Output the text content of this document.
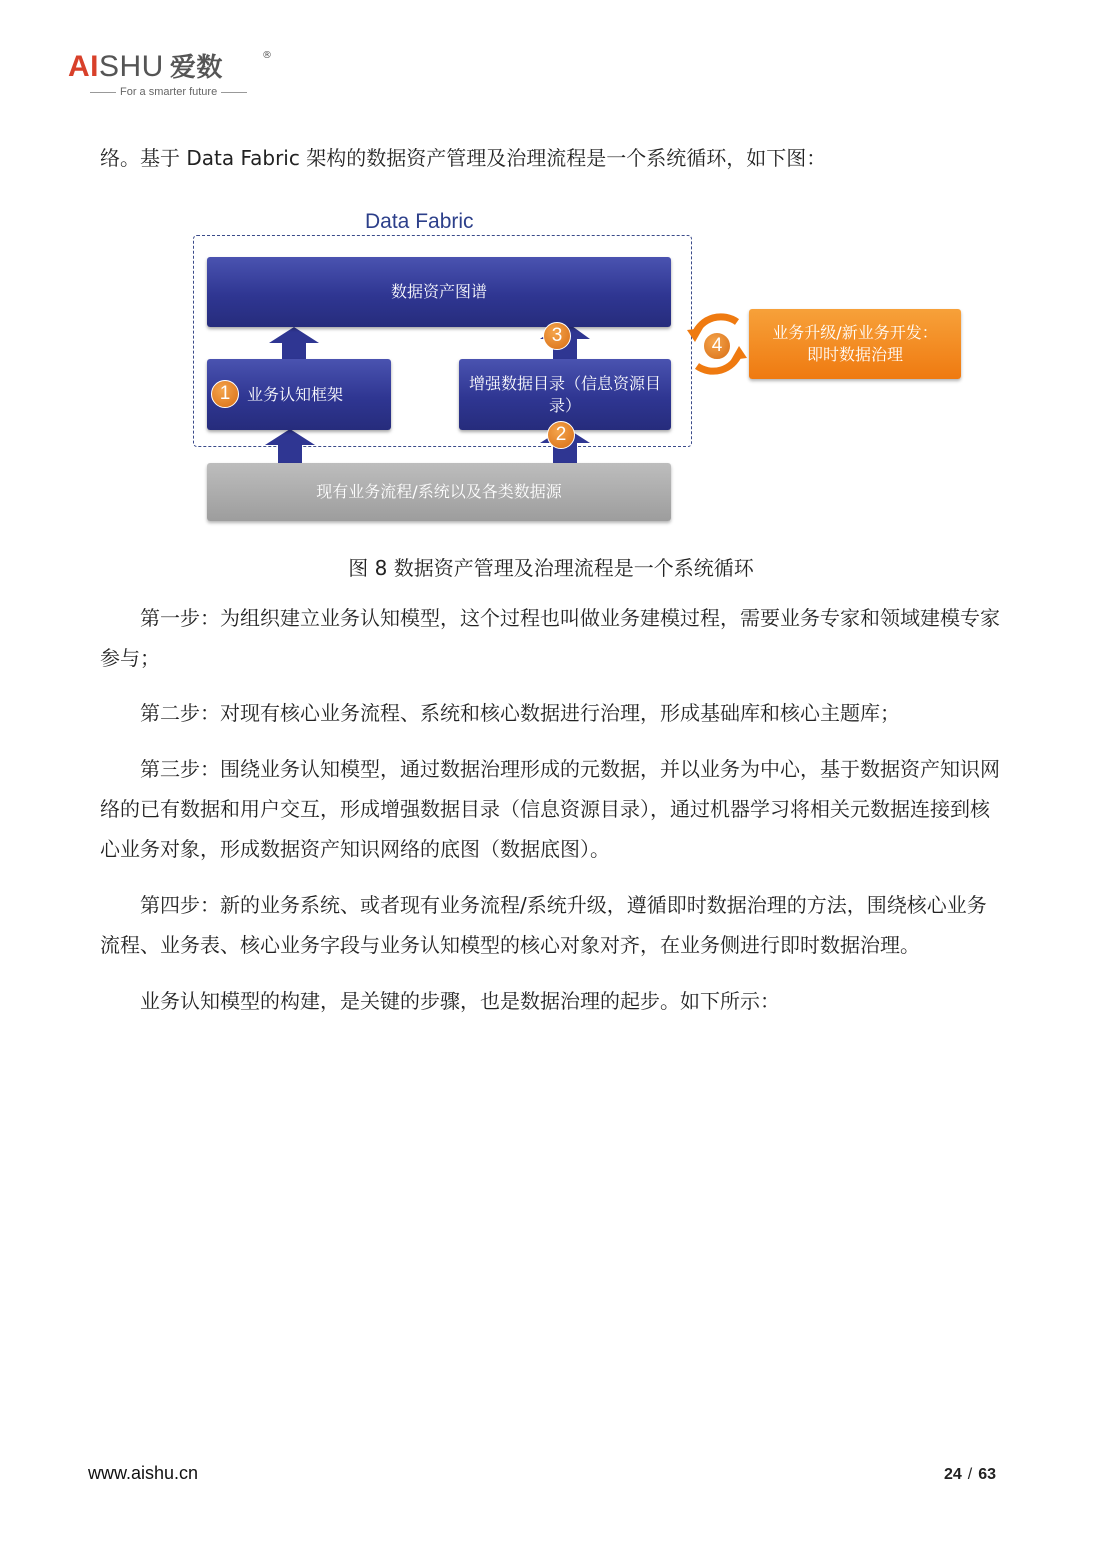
AISHU 爱数	®
For a smarter future
络。基于 Data Fabric 架构的数据资产管理及治理流程是一个系统循环，如下图：
Data Fabric
数据资产图谱
业务认知框架
增强数据目录（信息资源目录）
现有业务流程/系统以及各类数据源
1
3
2
4
业务升级/新业务开发：
即时数据治理
图 8 数据资产管理及治理流程是一个系统循环
第一步：为组织建立业务认知模型，这个过程也叫做业务建模过程，需要业务专家和领域建模专家参与；
第二步：对现有核心业务流程、系统和核心数据进行治理，形成基础库和核心主题库；
第三步：围绕业务认知模型，通过数据治理形成的元数据，并以业务为中心，基于数据资产知识网络的已有数据和用户交互，形成增强数据目录（信息资源目录），通过机器学习将相关元数据连接到核心业务对象，形成数据资产知识网络的底图（数据底图）。
第四步：新的业务系统、或者现有业务流程/系统升级，遵循即时数据治理的方法，围绕核心业务流程、业务表、核心业务字段与业务认知模型的核心对象对齐，在业务侧进行即时数据治理。
业务认知模型的构建，是关键的步骤，也是数据治理的起步。如下所示：
www.aishu.cn	24 / 63
